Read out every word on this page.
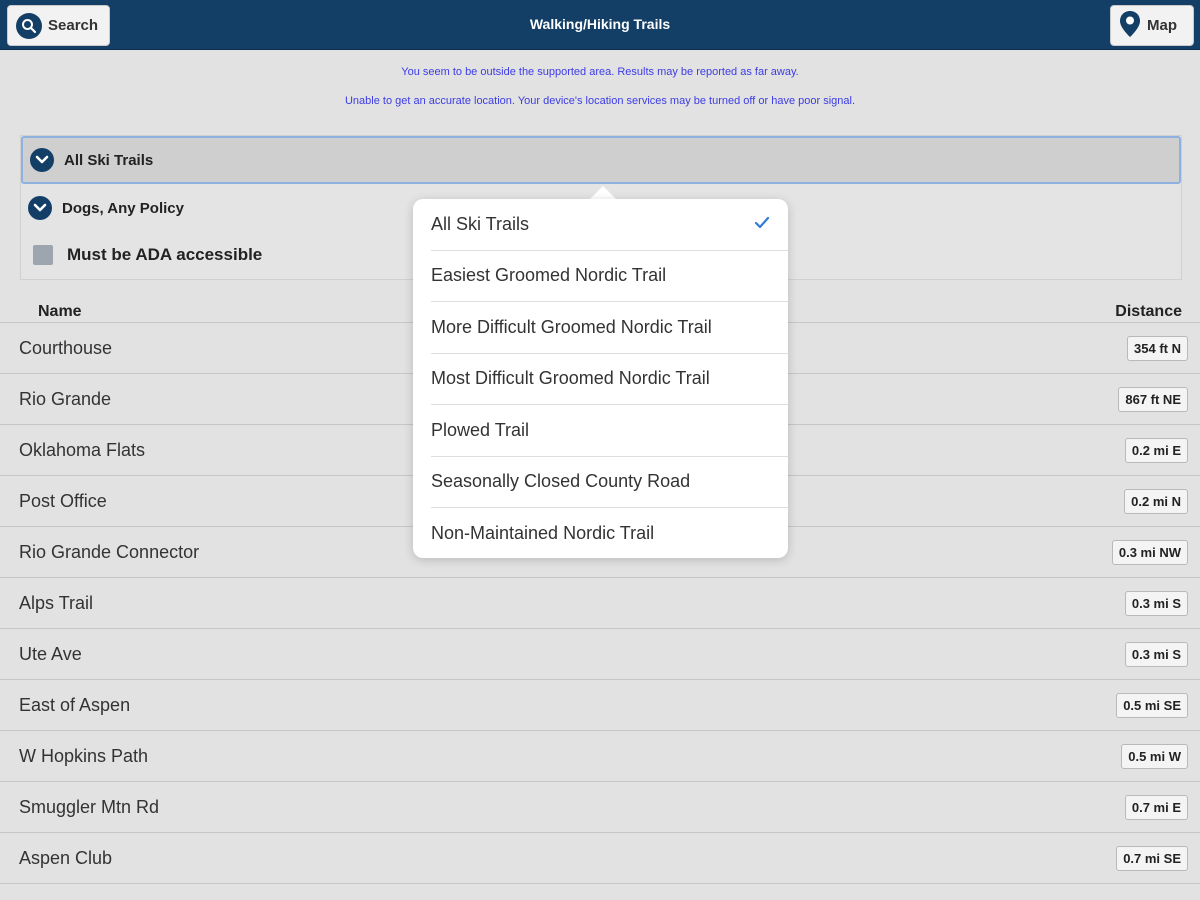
Search	Walking/Hiking Trails	Map
You seem to be outside the supported area. Results may be reported as far away.
Unable to get an accurate location. Your device's location services may be turned off or have poor signal.
All Ski Trails
Dogs, Any Policy
Must be ADA accessible
Name	Distance
Courthouse	354 ft N
Rio Grande	867 ft NE
Oklahoma Flats	0.2 mi E
Post Office	0.2 mi N
Rio Grande Connector	0.3 mi NW
Alps Trail	0.3 mi S
Ute Ave	0.3 mi S
East of Aspen	0.5 mi SE
W Hopkins Path	0.5 mi W
Smuggler Mtn Rd	0.7 mi E
Aspen Club	0.7 mi SE
All Ski Trails
Easiest Groomed Nordic Trail
More Difficult Groomed Nordic Trail
Most Difficult Groomed Nordic Trail
Plowed Trail
Seasonally Closed County Road
Non-Maintained Nordic Trail
